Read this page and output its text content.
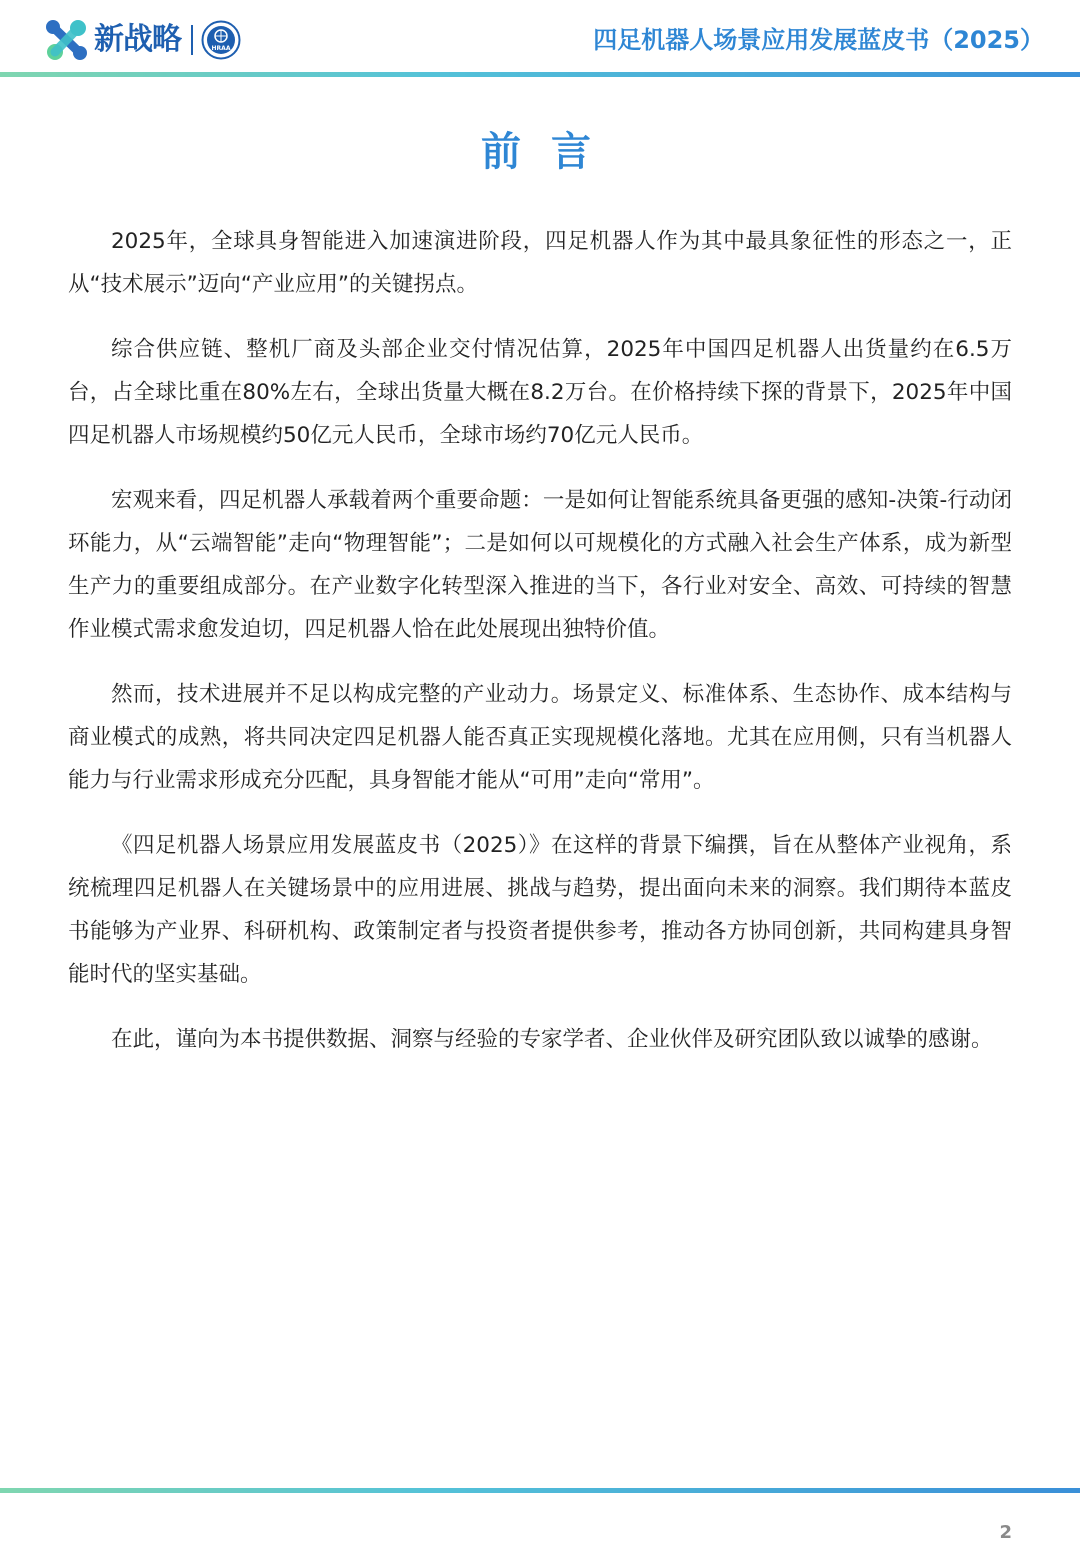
新战略	HRAA	四足机器人场景应用发展蓝皮书（2025）
前 言

2025年，全球具身智能进入加速演进阶段，四足机器人作为其中最具象征性的形态之一，正从“技术展示”迈向“产业应用”的关键拐点。

综合供应链、整机厂商及头部企业交付情况估算，2025年中国四足机器人出货量约在6.5万台，占全球比重在80%左右，全球出货量大概在8.2万台。在价格持续下探的背景下，2025年中国四足机器人市场规模约50亿元人民币，全球市场约70亿元人民币。

宏观来看，四足机器人承载着两个重要命题：一是如何让智能系统具备更强的感知-决策-行动闭环能力，从“云端智能”走向“物理智能”；二是如何以可规模化的方式融入社会生产体系，成为新型生产力的重要组成部分。在产业数字化转型深入推进的当下，各行业对安全、高效、可持续的智慧作业模式需求愈发迫切，四足机器人恰在此处展现出独特价值。

然而，技术进展并不足以构成完整的产业动力。场景定义、标准体系、生态协作、成本结构与商业模式的成熟，将共同决定四足机器人能否真正实现规模化落地。尤其在应用侧，只有当机器人能力与行业需求形成充分匹配，具身智能才能从“可用”走向“常用”。

《四足机器人场景应用发展蓝皮书（2025）》在这样的背景下编撰，旨在从整体产业视角，系统梳理四足机器人在关键场景中的应用进展、挑战与趋势，提出面向未来的洞察。我们期待本蓝皮书能够为产业界、科研机构、政策制定者与投资者提供参考，推动各方协同创新，共同构建具身智能时代的坚实基础。

在此，谨向为本书提供数据、洞察与经验的专家学者、企业伙伴及研究团队致以诚挚的感谢。

2
